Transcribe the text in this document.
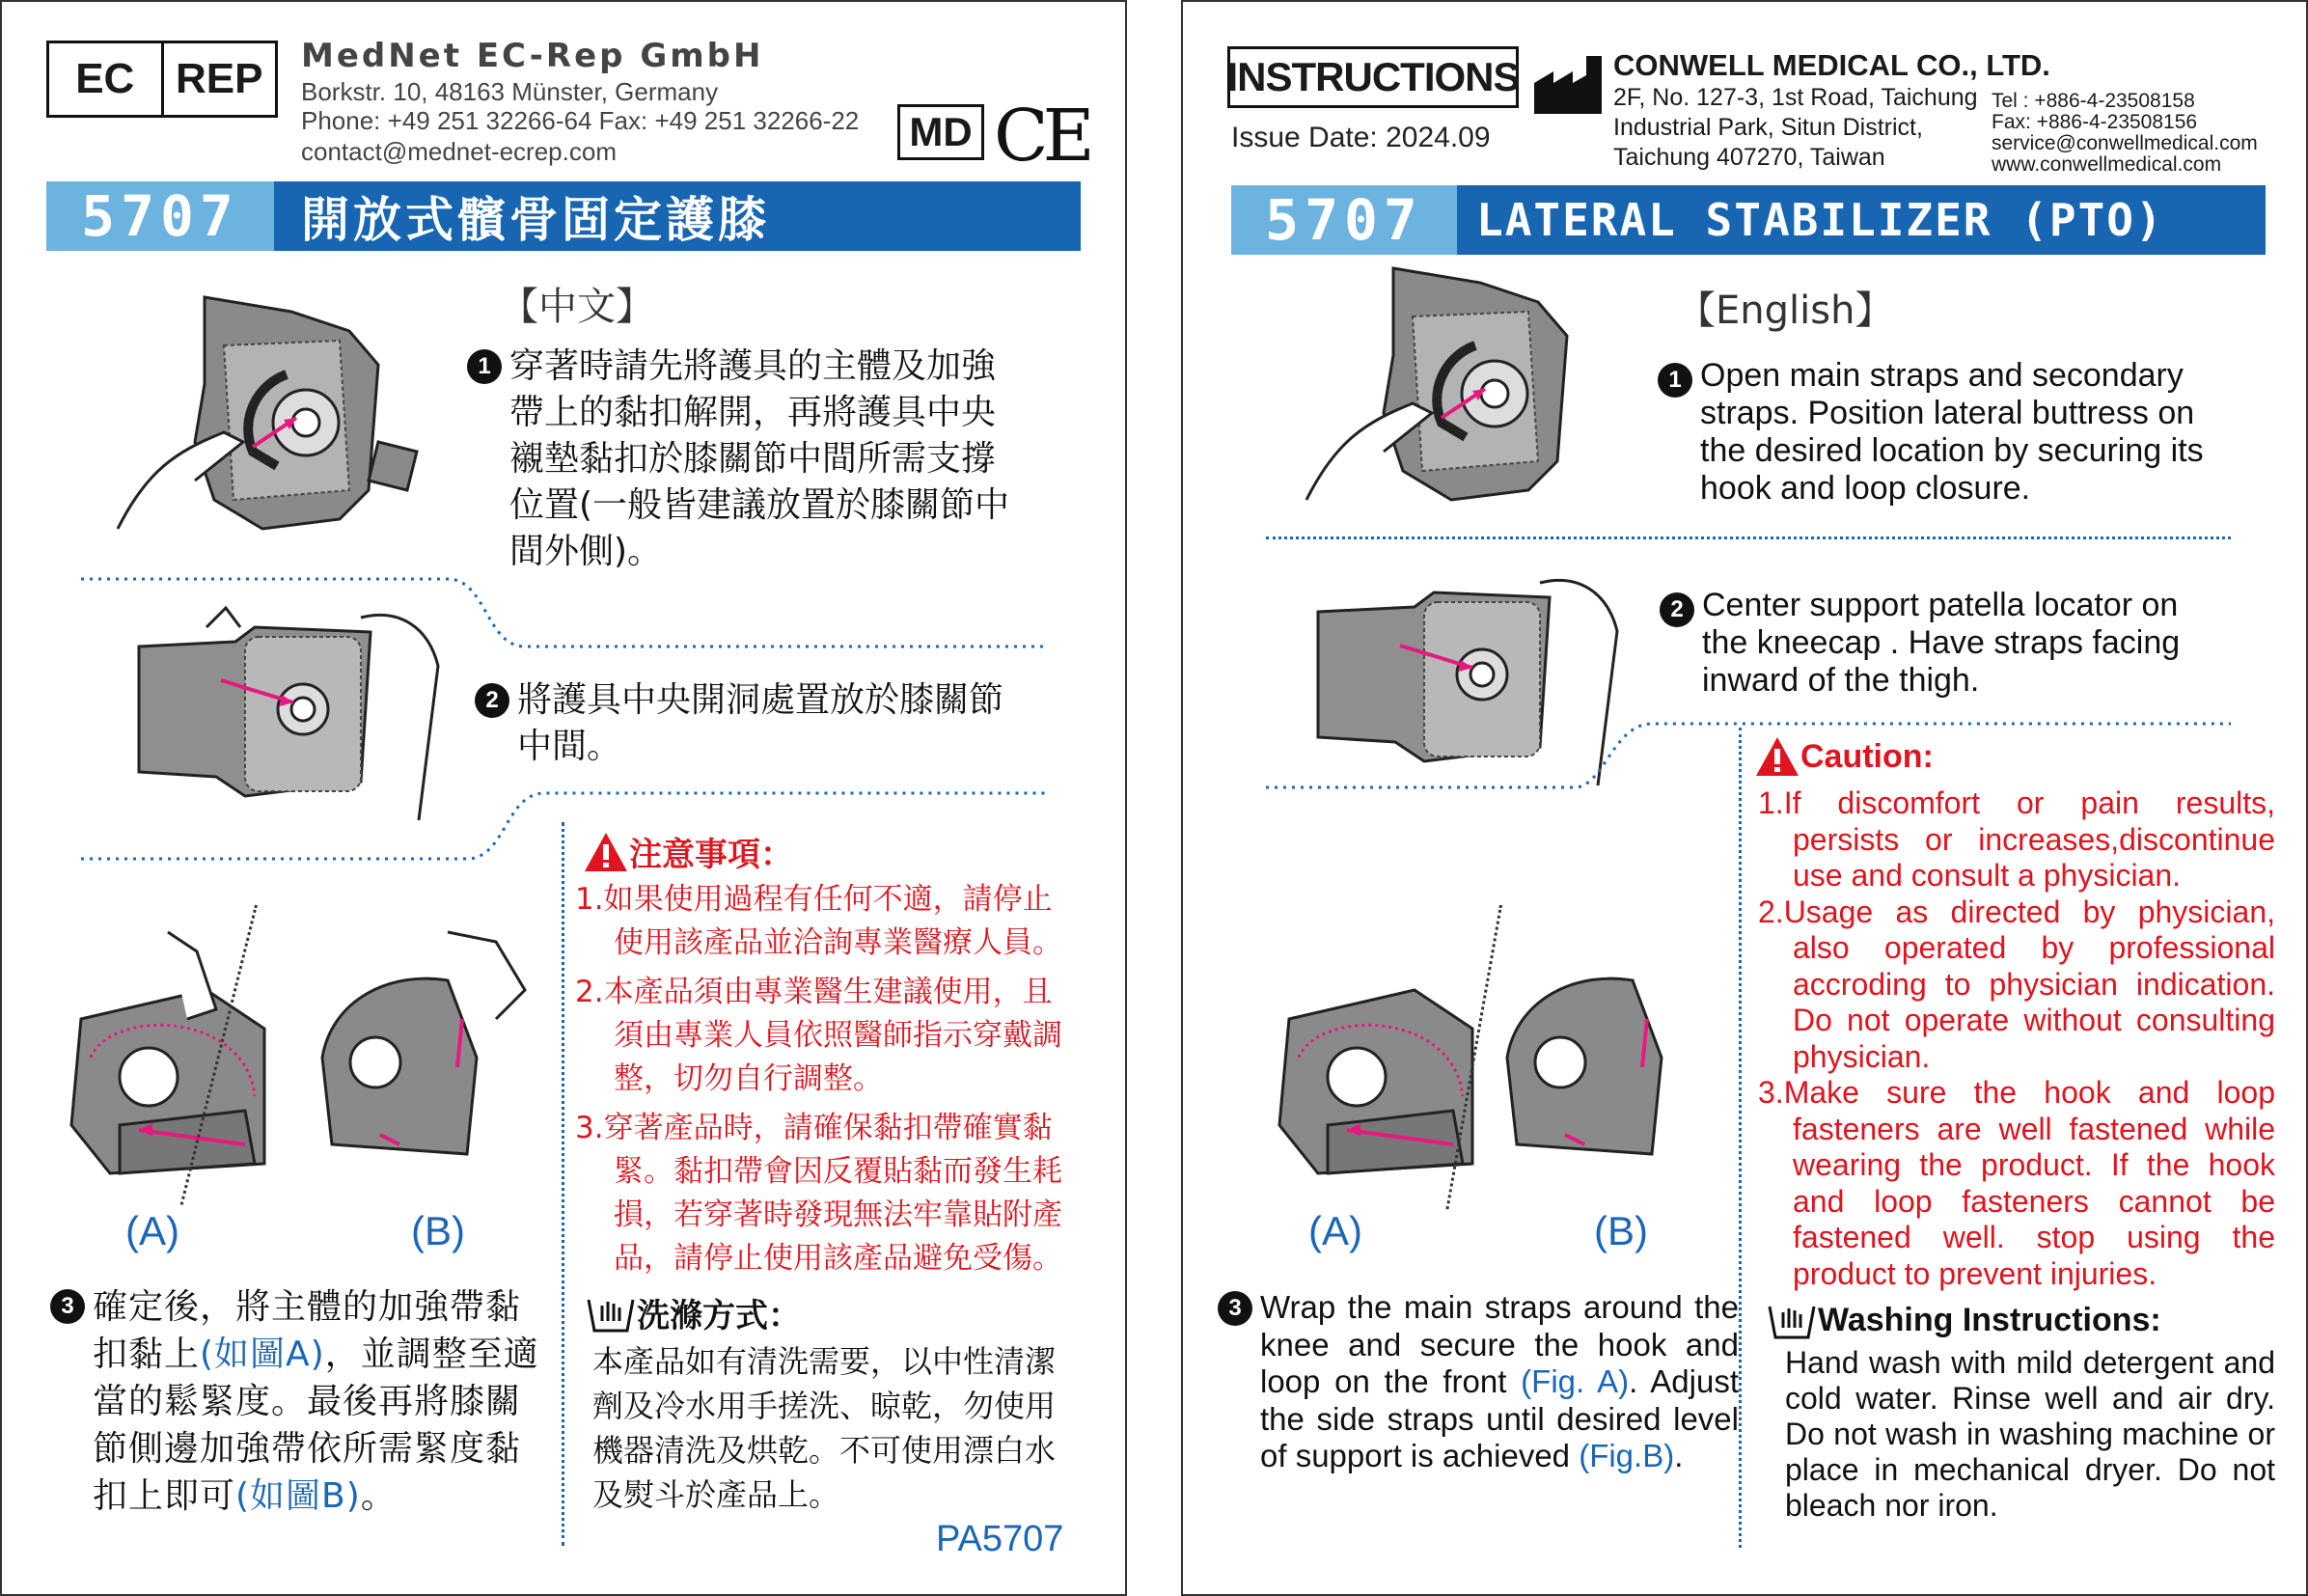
EC REP	MedNet EC-Rep GmbH
Borkstr. 10, 48163 Münster, Germany
Phone: +49 251 32266-64 Fax: +49 251 32266-22
contact@mednet-ecrep.com	MD CE
5707	開放式髕骨固定護膝
【中文】
1 穿著時請先將護具的主體及加強
帶上的黏扣解開，再將護具中央
襯墊黏扣於膝關節中間所需支撐
位置(一般皆建議放置於膝關節中
間外側)。
2 將護具中央開洞處置放於膝關節
中間。
(A)	(B)
注意事項：
1.如果使用過程有任何不適，請停止使用該產品並洽詢專業醫療人員。
2.本產品須由專業醫生建議使用，且須由專業人員依照醫師指示穿戴調整，切勿自行調整。
3.穿著產品時，請確保黏扣帶確實黏緊。黏扣帶會因反覆貼黏而發生耗損，若穿著時發現無法牢靠貼附產品，請停止使用該產品避免受傷。
3 確定後，將主體的加強帶黏扣黏上(如圖A)，並調整至適當的鬆緊度。最後再將膝關節側邊加強帶依所需緊度黏扣上即可(如圖B)。
洗滌方式：
本產品如有清洗需要，以中性清潔劑及冷水用手搓洗、晾乾，勿使用機器清洗及烘乾。不可使用漂白水及熨斗於產品上。
PA5707
INSTRUCTIONS
Issue Date: 2024.09
CONWELL MEDICAL CO., LTD.
2F, No. 127-3, 1st Road, Taichung
Industrial Park, Situn District,
Taichung 407270, Taiwan
Tel : +886-4-23508158
Fax: +886-4-23508156
service@conwellmedical.com
www.conwellmedical.com
5707	LATERAL STABILIZER (PTO)
【English】
1 Open main straps and secondary
straps. Position lateral buttress on
the desired location by securing its
hook and loop closure.
2 Center support patella locator on
the kneecap . Have straps facing
inward of the thigh.
(A)	(B)
Caution:
1.If discomfort or pain results, persists or increases,discontinue use and consult a physician.
2.Usage as directed by physician, also operated by professional accroding to physician indication. Do not operate without consulting physician.
3.Make sure the hook and loop fasteners are well fastened while wearing the product. If the hook and loop fasteners cannot be fastened well. stop using the product to prevent injuries.
3 Wrap the main straps around the knee and secure the hook and loop on the front (Fig. A). Adjust the side straps until desired level of support is achieved (Fig.B).
Washing Instructions:
Hand wash with mild detergent and cold water. Rinse well and air dry. Do not wash in washing machine or place in mechanical dryer. Do not bleach nor iron.
